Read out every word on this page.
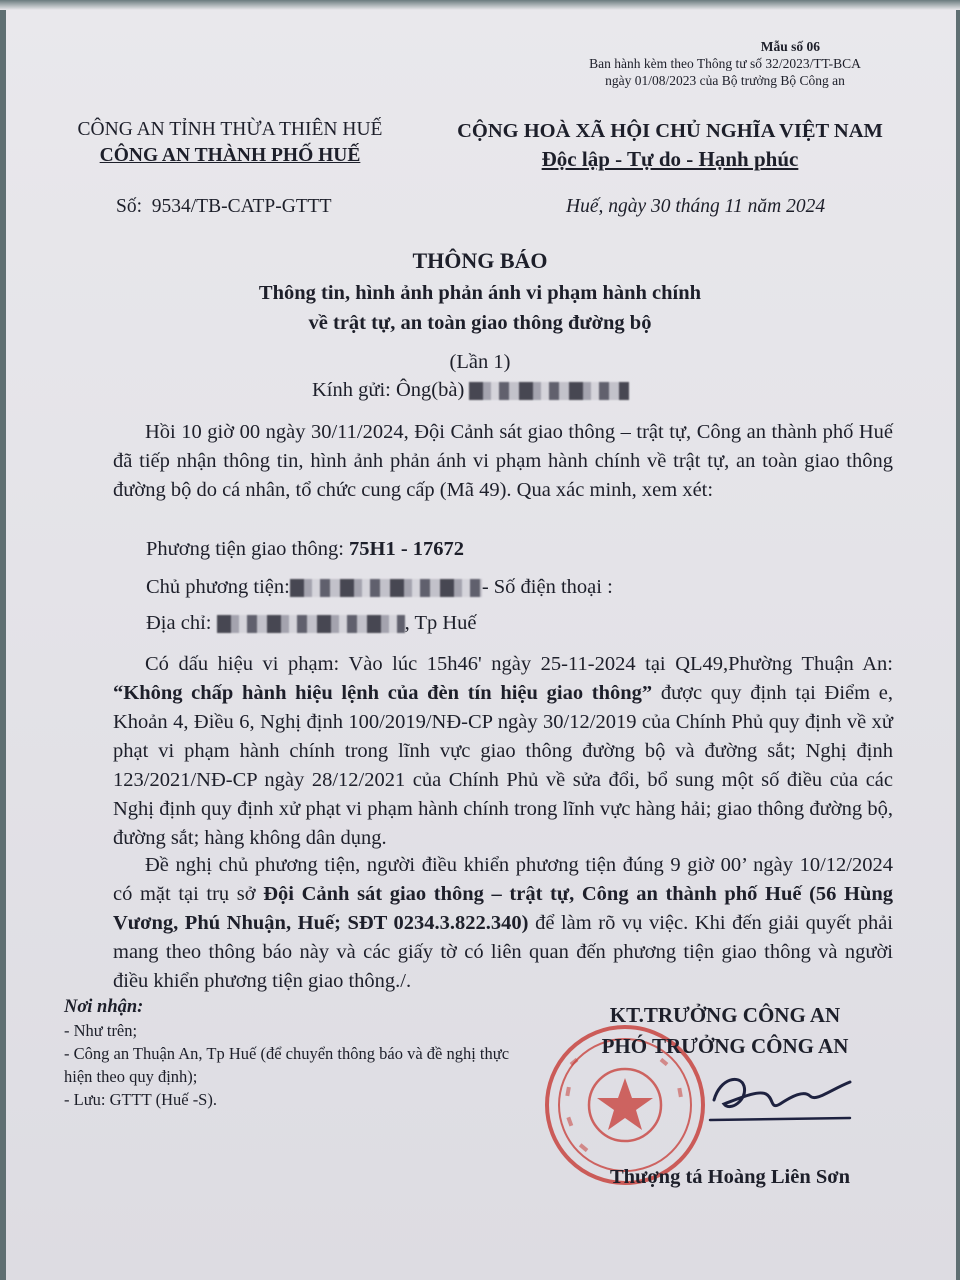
Mẫu số 06
Ban hành kèm theo Thông tư số 32/2023/TT-BCA
ngày 01/08/2023 của Bộ trưởng Bộ Công an
CÔNG AN TỈNH THỪA THIÊN HUẾ
CÔNG AN THÀNH PHỐ HUẾ
Số: 9534/TB-CATP-GTTT
CỘNG HOÀ XÃ HỘI CHỦ NGHĨA VIỆT NAM
Độc lập - Tự do - Hạnh phúc
Huế, ngày 30 tháng 11 năm 2024
THÔNG BÁO
Thông tin, hình ảnh phản ánh vi phạm hành chính
về trật tự, an toàn giao thông đường bộ
(Lần 1)
Kính gửi: Ông(bà)
Hồi 10 giờ 00 ngày 30/11/2024, Đội Cảnh sát giao thông – trật tự, Công an thành phố Huế đã tiếp nhận thông tin, hình ảnh phản ánh vi phạm hành chính về trật tự, an toàn giao thông đường bộ do cá nhân, tổ chức cung cấp (Mã 49). Qua xác minh, xem xét:
Phương tiện giao thông: 75H1 - 17672
Chủ phương tiện:	- Số điện thoại :
Địa chỉ:	, Tp Huế
Có dấu hiệu vi phạm: Vào lúc 15h46' ngày 25-11-2024 tại QL49,Phường Thuận An: “Không chấp hành hiệu lệnh của đèn tín hiệu giao thông” được quy định tại Điểm e, Khoản 4, Điều 6, Nghị định 100/2019/NĐ-CP ngày 30/12/2019 của Chính Phủ quy định về xử phạt vi phạm hành chính trong lĩnh vực giao thông đường bộ và đường sắt; Nghị định 123/2021/NĐ-CP ngày 28/12/2021 của Chính Phủ về sửa đổi, bổ sung một số điều của các Nghị định quy định xử phạt vi phạm hành chính trong lĩnh vực hàng hải; giao thông đường bộ, đường sắt; hàng không dân dụng.
Đề nghị chủ phương tiện, người điều khiển phương tiện đúng 9 giờ 00’ ngày 10/12/2024 có mặt tại trụ sở Đội Cảnh sát giao thông – trật tự, Công an thành phố Huế (56 Hùng Vương, Phú Nhuận, Huế; SĐT 0234.3.822.340) để làm rõ vụ việc. Khi đến giải quyết phải mang theo thông báo này và các giấy tờ có liên quan đến phương tiện giao thông và người điều khiển phương tiện giao thông./.
Nơi nhận:
- Như trên;
- Công an Thuận An, Tp Huế (để chuyển thông báo và đề nghị thực hiện theo quy định);
- Lưu: GTTT (Huế -S).
KT.TRƯỞNG CÔNG AN
PHÓ TRƯỞNG CÔNG AN
Thượng tá Hoàng Liên Sơn
